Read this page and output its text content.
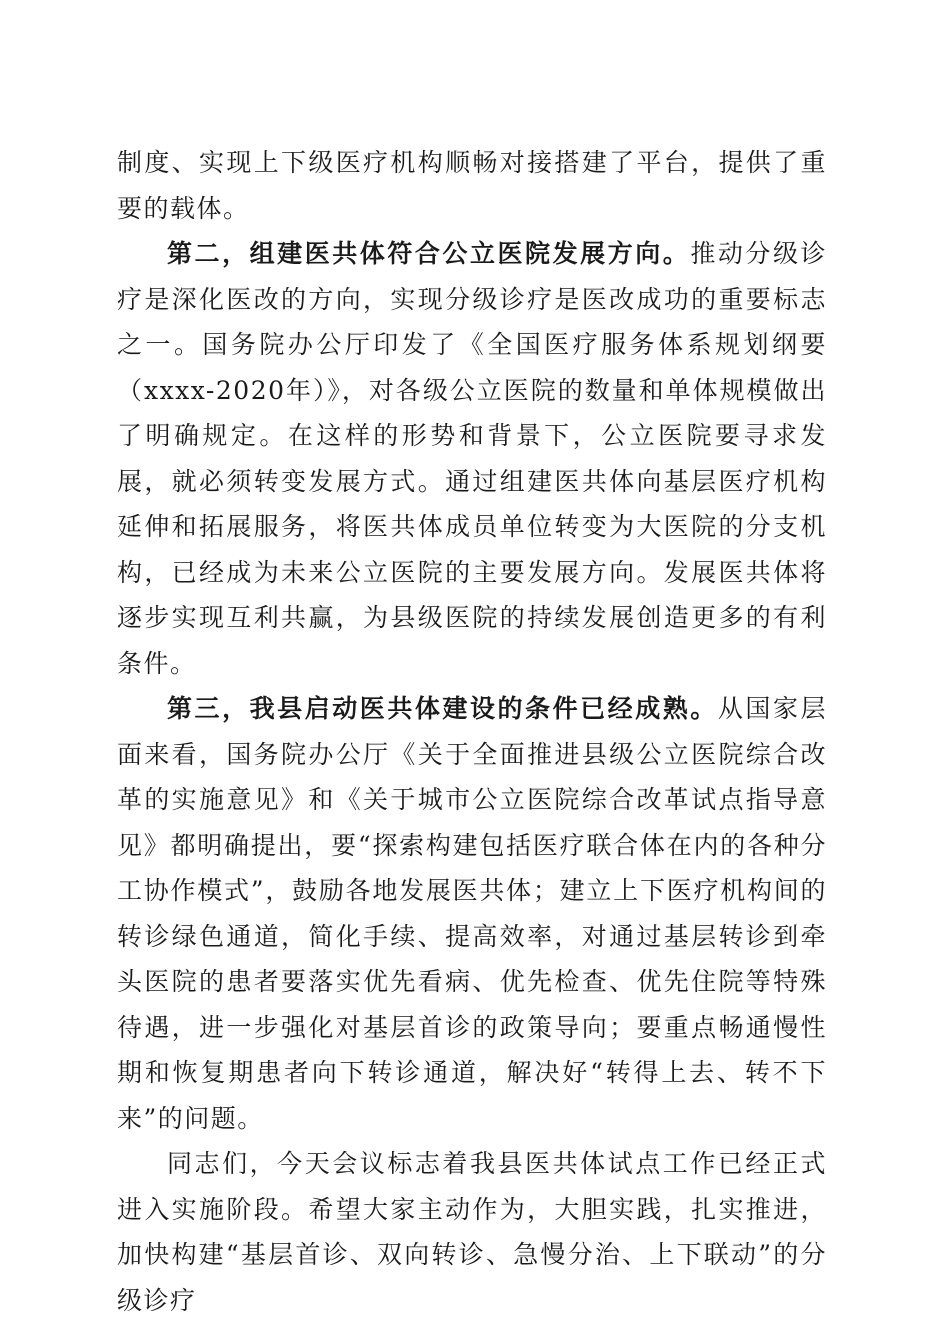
制度、实现上下级医疗机构顺畅对接搭建了平台，提供了重要的载体。

第二，组建医共体符合公立医院发展方向。推动分级诊疗是深化医改的方向，实现分级诊疗是医改成功的重要标志之一。国务院办公厅印发了《全国医疗服务体系规划纲要（xxxx-2020年）》，对各级公立医院的数量和单体规模做出了明确规定。在这样的形势和背景下，公立医院要寻求发展，就必须转变发展方式。通过组建医共体向基层医疗机构延伸和拓展服务，将医共体成员单位转变为大医院的分支机构，已经成为未来公立医院的主要发展方向。发展医共体将逐步实现互利共赢，为县级医院的持续发展创造更多的有利条件。

第三，我县启动医共体建设的条件已经成熟。从国家层面来看，国务院办公厅《关于全面推进县级公立医院综合改革的实施意见》和《关于城市公立医院综合改革试点指导意见》都明确提出，要“探索构建包括医疗联合体在内的各种分工协作模式”，鼓励各地发展医共体；建立上下医疗机构间的转诊绿色通道，简化手续、提高效率，对通过基层转诊到牵头医院的患者要落实优先看病、优先检查、优先住院等特殊待遇，进一步强化对基层首诊的政策导向；要重点畅通慢性期和恢复期患者向下转诊通道，解决好“转得上去、转不下来”的问题。

同志们，今天会议标志着我县医共体试点工作已经正式进入实施阶段。希望大家主动作为，大胆实践，扎实推进，加快构建“基层首诊、双向转诊、急慢分治、上下联动”的分级诊疗
